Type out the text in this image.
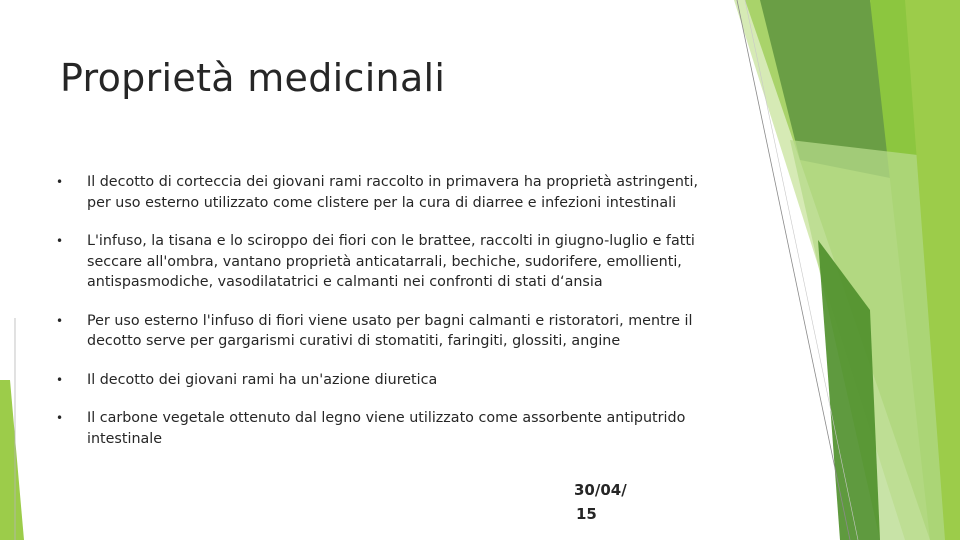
Proprietà medicinali
• Il decotto di corteccia dei giovani rami raccolto in primavera ha proprietà astringenti, per uso esterno utilizzato come clistere per la cura di diarree e infezioni intestinali
• L'infuso, la tisana e lo sciroppo dei fiori con le brattee, raccolti in giugno-luglio e fatti seccare all'ombra, vantano proprietà anticatarrali, bechiche, sudorifere, emollienti, antispasmodiche, vasodilatatrici e calmanti nei confronti di stati d‘ansia
• Per uso esterno l'infuso di fiori viene usato per bagni calmanti e ristoratori, mentre il decotto serve per gargarismi curativi di stomatiti, faringiti, glossiti, angine
• Il decotto dei giovani rami ha un'azione diuretica
• Il carbone vegetale ottenuto dal legno viene utilizzato come assorbente antiputrido intestinale
30/04/
15
